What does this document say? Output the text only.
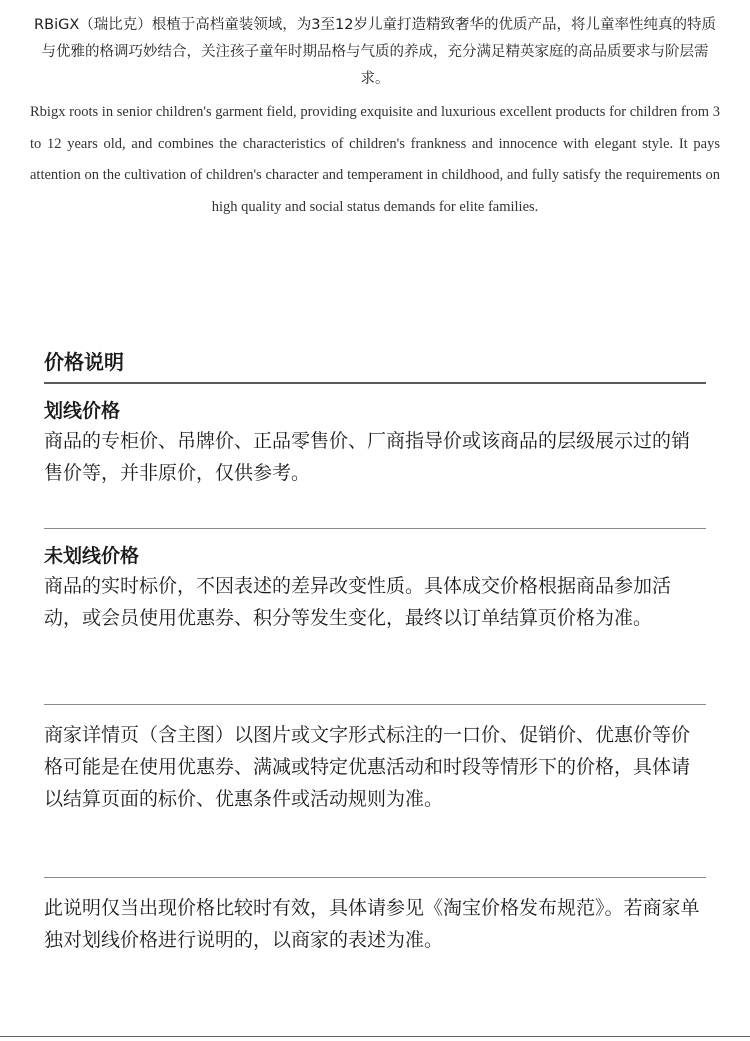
RBiGX（瑞比克）根植于高档童装领域，为3至12岁儿童打造精致奢华的优质产品，将儿童率性纯真的特质与优雅的格调巧妙结合，关注孩子童年时期品格与气质的养成，充分满足精英家庭的高品质要求与阶层需求。

Rbigx roots in senior children's garment field, providing exquisite and luxurious excellent products for children from 3 to 12 years old, and combines the characteristics of children's frankness and innocence with elegant style. It pays attention on the cultivation of children's character and temperament in childhood, and fully satisfy the requirements on high quality and social status demands for elite families.

价格说明

划线价格

商品的专柜价、吊牌价、正品零售价、厂商指导价或该商品的层级展示过的销售价等，并非原价，仅供参考。

未划线价格

商品的实时标价，不因表述的差异改变性质。具体成交价格根据商品参加活动，或会员使用优惠券、积分等发生变化，最终以订单结算页价格为准。

商家详情页（含主图）以图片或文字形式标注的一口价、促销价、优惠价等价格可能是在使用优惠券、满减或特定优惠活动和时段等情形下的价格，具体请以结算页面的标价、优惠条件或活动规则为准。

此说明仅当出现价格比较时有效，具体请参见《淘宝价格发布规范》。若商家单独对划线价格进行说明的，以商家的表述为准。
